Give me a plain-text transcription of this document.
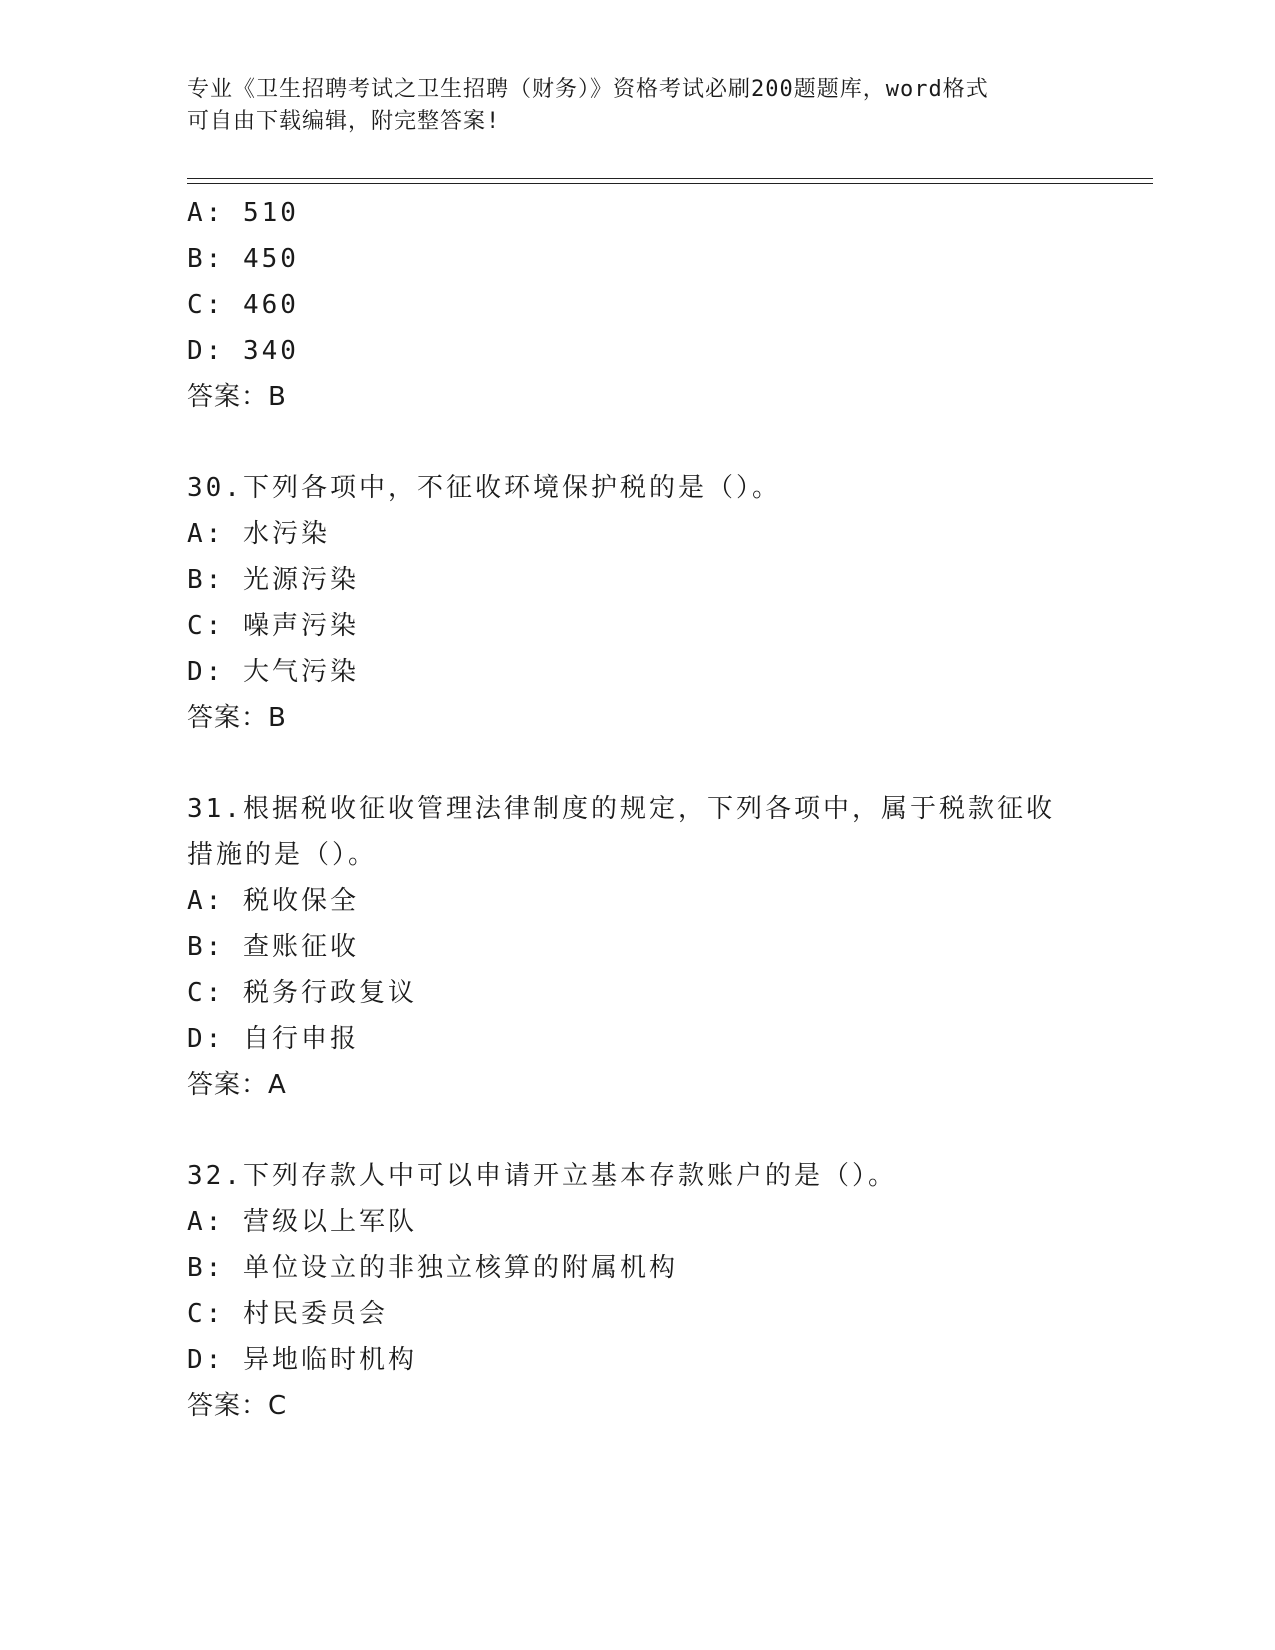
专业《卫生招聘考试之卫生招聘（财务）》资格考试必刷200题题库，word格式
可自由下载编辑，附完整答案!
A: 510
B: 450
C: 460
D: 340
答案：B
30.下列各项中，不征收环境保护税的是（）。
A: 水污染
B: 光源污染
C: 噪声污染
D: 大气污染
答案：B
31.根据税收征收管理法律制度的规定，下列各项中，属于税款征收措施的是（）。
A: 税收保全
B: 查账征收
C: 税务行政复议
D: 自行申报
答案：A
32.下列存款人中可以申请开立基本存款账户的是（）。
A: 营级以上军队
B: 单位设立的非独立核算的附属机构
C: 村民委员会
D: 异地临时机构
答案：C
